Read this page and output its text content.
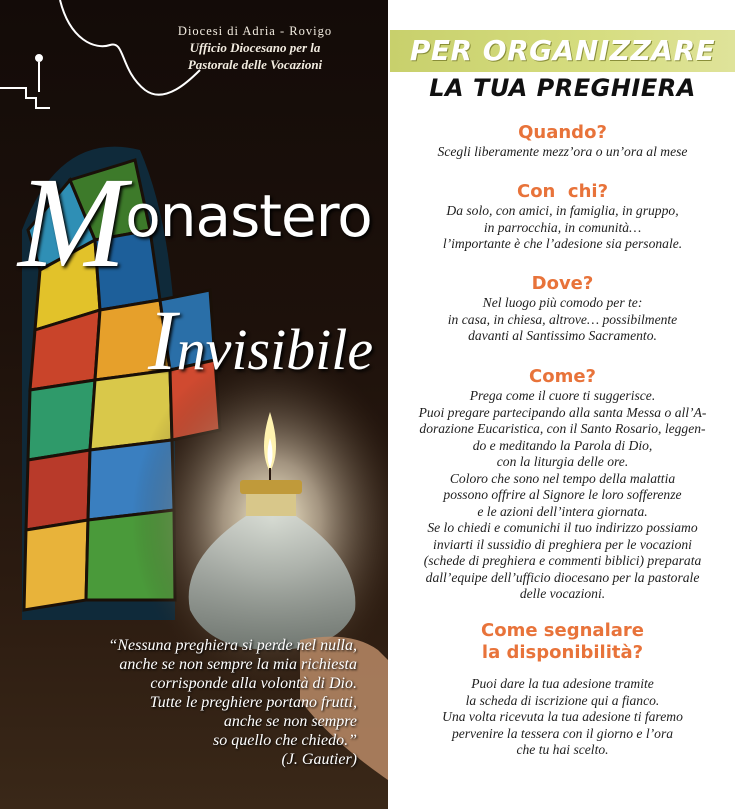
Diocesi di Adria - Rovigo
Ufficio Diocesano per la
Pastorale delle Vocazioni
Monastero
Invisibile
“Nessuna preghiera si perde nel nulla,
anche se non sempre la mia richiesta
corrisponde alla volontà di Dio.
Tutte le preghiere portano frutti,
anche se non sempre
so quello che chiedo.”
(J. Gautier)
PER ORGANIZZARE
LA TUA PREGHIERA
Quando?

Scegli liberamente mezz’ora o un’ora al mese

Con  chi?

Da solo, con amici, in famiglia, in gruppo,

in parrocchia, in comunità…

l’importante è che l’adesione sia personale.

Dove?

Nel luogo più comodo per te:

in casa, in chiesa, altrove… possibilmente

davanti al Santissimo Sacramento.

Come?

Prega come il cuore ti suggerisce.

Puoi pregare partecipando alla santa Messa o all’A-

dorazione Eucaristica, con il Santo Rosario, leggen-

do e meditando la Parola di Dio,

con la liturgia delle ore.

Coloro che sono nel tempo della malattia

possono offrire al Signore le loro sofferenze

e le azioni dell’intera giornata.

Se lo chiedi e comunichi il tuo indirizzo possiamo

inviarti il sussidio di preghiera per le vocazioni

(schede di preghiera e commenti biblici) preparata

dall’equipe dell’ufficio diocesano per la pastorale

delle vocazioni.

Come segnalare
la disponibilità?

Puoi dare la tua adesione tramite

la scheda di iscrizione qui a fianco.

Una volta ricevuta la tua adesione ti faremo

pervenire la tessera con il giorno e l’ora

che tu hai scelto.
